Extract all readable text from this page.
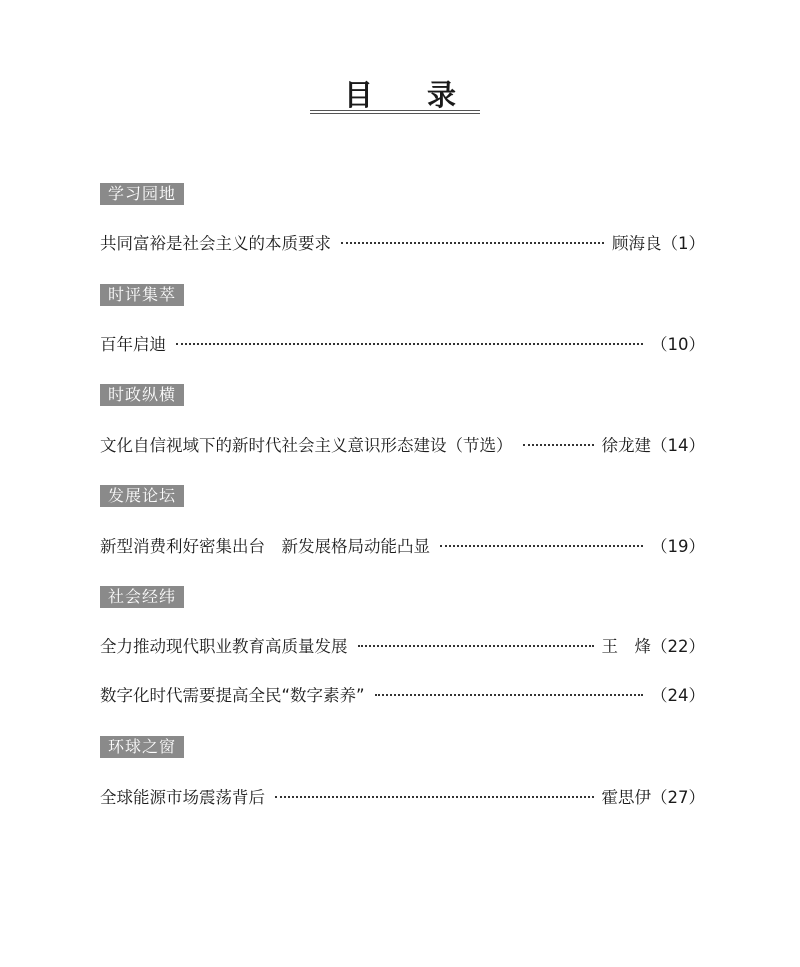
目录
学习园地
共同富裕是社会主义的本质要求	顾海良 （1）
时评集萃
百年启迪	（10）
时政纵横
文化自信视域下的新时代社会主义意识形态建设（节选）	徐龙建 （14）
发展论坛
新型消费利好密集出台　新发展格局动能凸显	（19）
社会经纬
全力推动现代职业教育高质量发展	王　烽 （22）
数字化时代需要提高全民“数字素养”	（24）
环球之窗
全球能源市场震荡背后	霍思伊 （27）
